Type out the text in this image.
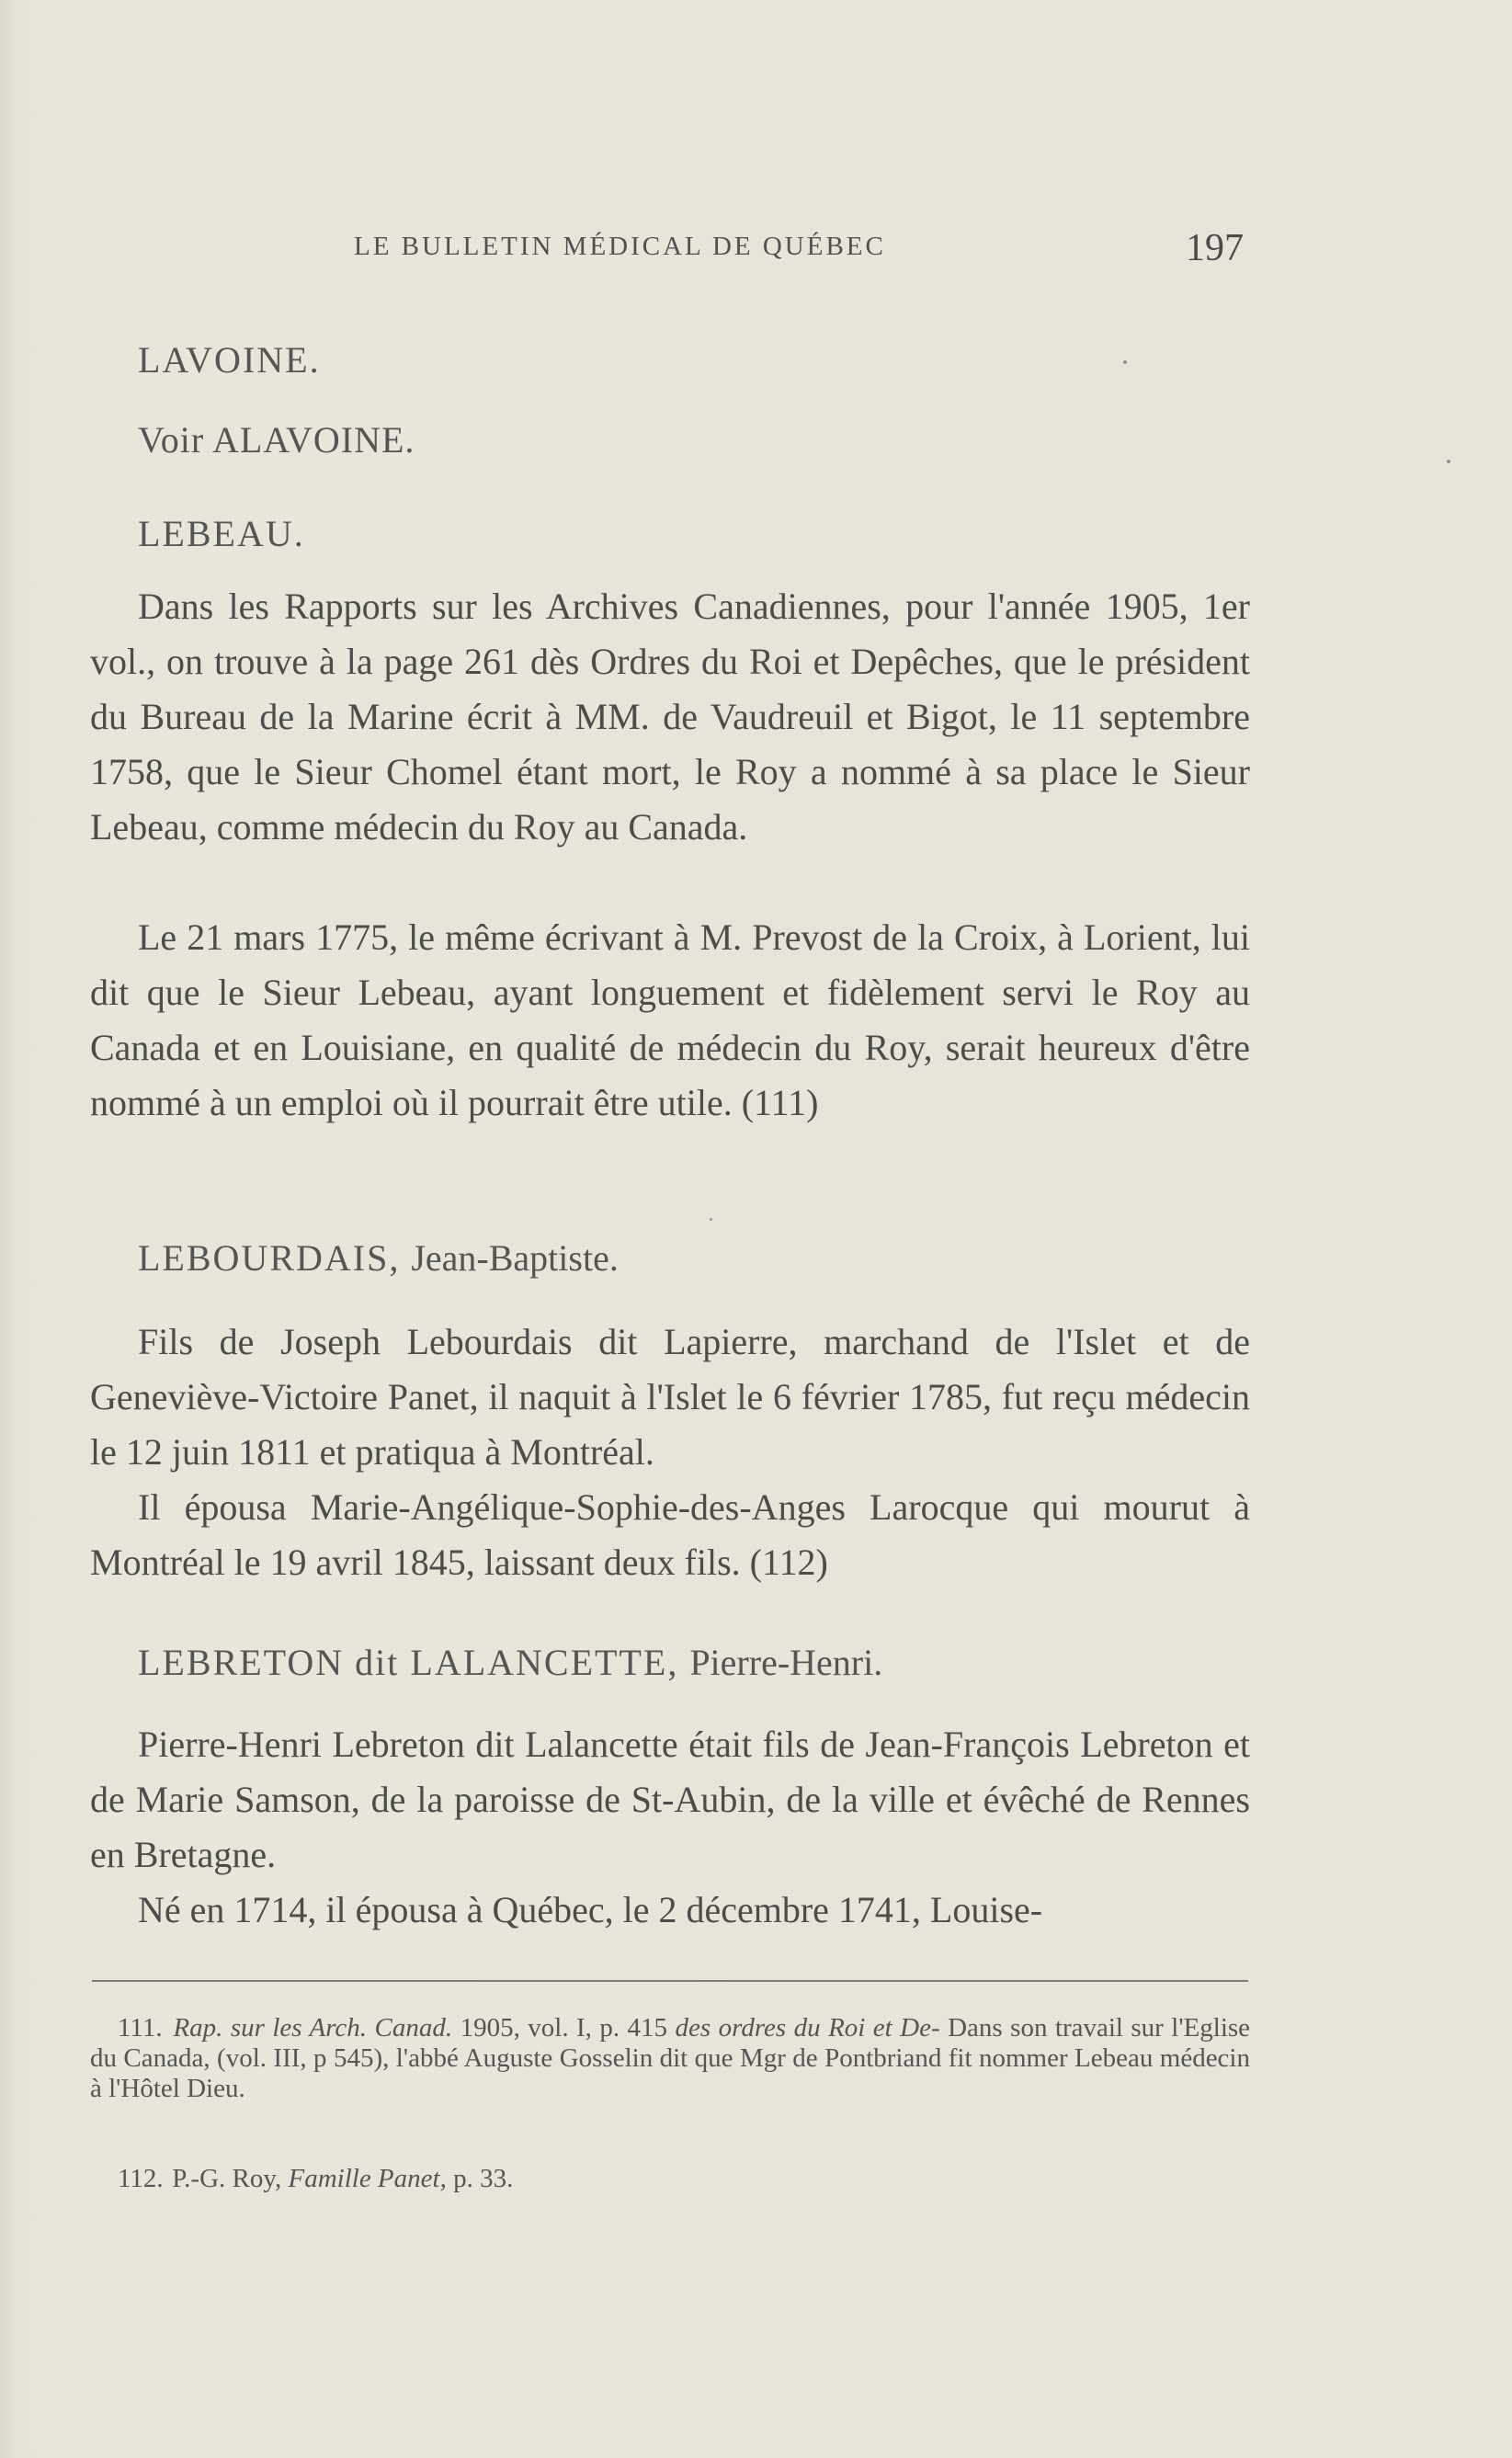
LE BULLETIN MÉDICAL DE QUÉBEC	197
LAVOINE.
Voir ALAVOINE.
LEBEAU.

Dans les Rapports sur les Archives Canadiennes, pour l'année 1905, 1er vol., on trouve à la page 261 dès Ordres du Roi et Depêches, que le président du Bureau de la Marine écrit à MM. de Vaudreuil et Bigot, le 11 septembre 1758, que le Sieur Chomel étant mort, le Roy a nommé à sa place le Sieur Lebeau, comme médecin du Roy au Canada.

Le 21 mars 1775, le même écrivant à M. Prevost de la Croix, à Lorient, lui dit que le Sieur Lebeau, ayant longuement et fidèlement servi le Roy au Canada et en Louisiane, en qualité de médecin du Roy, serait heureux d'être nommé à un emploi où il pourrait être utile. (111)

LEBOURDAIS, Jean-Baptiste.

Fils de Joseph Lebourdais dit Lapierre, marchand de l'Islet et de Geneviève-Victoire Panet, il naquit à l'Islet le 6 février 1785, fut reçu médecin le 12 juin 1811 et pratiqua à Montréal.

Il épousa Marie-Angélique-Sophie-des-Anges Larocque qui mourut à Montréal le 19 avril 1845, laissant deux fils. (112)

LEBRETON dit LALANCETTE, Pierre-Henri.

Pierre-Henri Lebreton dit Lalancette était fils de Jean-François Lebreton et de Marie Samson, de la paroisse de St-Aubin, de la ville et évêché de Rennes en Bretagne.

Né en 1714, il épousa à Québec, le 2 décembre 1741, Louise-

111. Rap. sur les Arch. Canad. 1905, vol. I, p. 415 des ordres du Roi et De- Dans son travail sur l'Eglise du Canada, (vol. III, p 545), l'abbé Auguste Gosselin dit que Mgr de Pontbriand fit nommer Lebeau médecin à l'Hôtel Dieu.
112. P.-G. Roy, Famille Panet, p. 33.
